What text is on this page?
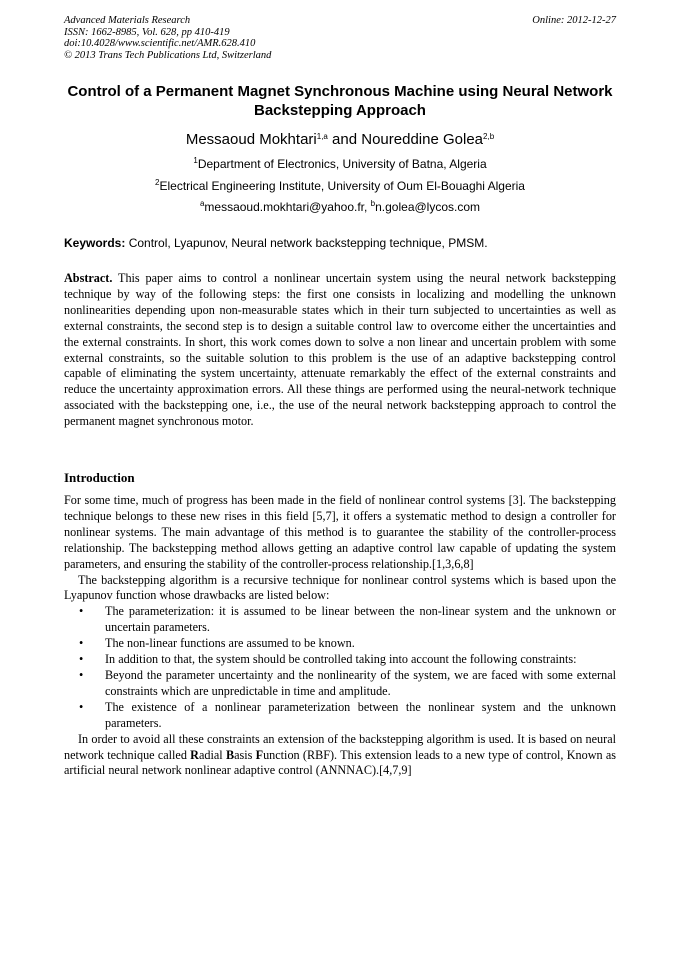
Advanced Materials Research
ISSN: 1662-8985, Vol. 628, pp 410-419
doi:10.4028/www.scientific.net/AMR.628.410
© 2013 Trans Tech Publications Ltd, Switzerland
Online: 2012-12-27
Control of a Permanent Magnet Synchronous Machine using Neural Network Backstepping Approach
Messaoud Mokhtari$^{1,a}$ and Noureddine Golea$^{2,b}$
$^1$Department of Electronics, University of Batna, Algeria
$^2$Electrical Engineering Institute, University of Oum El-Bouaghi Algeria
$^a$messaoud.mokhtari@yahoo.fr, $^b$n.golea@lycos.com
Keywords: Control, Lyapunov, Neural network backstepping technique, PMSM.
Abstract. This paper aims to control a nonlinear uncertain system using the neural network backstepping technique by way of the following steps: the first one consists in localizing and modelling the unknown nonlinearities depending upon non-measurable states which in their turn subjected to uncertainties as well as external constraints, the second step is to design a suitable control law to overcome either the uncertainties and the external constraints. In short, this work comes down to solve a non linear and uncertain problem with some external constraints, so the suitable solution to this problem is the use of an adaptive backstepping control capable of eliminating the system uncertainty, attenuate remarkably the effect of the external constraints and reduce the uncertainty approximation errors. All these things are performed using the neural-network technique associated with the backstepping one, i.e., the use of the neural network backstepping approach to control the permanent magnet synchronous motor.
Introduction

For some time, much of progress has been made in the field of nonlinear control systems [3]. The backstepping technique belongs to these new rises in this field [5,7], it offers a systematic method to design a controller for nonlinear systems. The main advantage of this method is to guarantee the stability of the controller-process relationship. The backstepping method allows getting an adaptive control law capable of updating the system parameters, and ensuring the stability of the controller-process relationship.[1,3,6,8]

The backstepping algorithm is a recursive technique for nonlinear control systems which is based upon the Lyapunov function whose drawbacks are listed below:

• The parameterization: it is assumed to be linear between the non-linear system and the unknown or uncertain parameters.
• The non-linear functions are assumed to be known.
• In addition to that, the system should be controlled taking into account the following constraints:
• Beyond the parameter uncertainty and the nonlinearity of the system, we are faced with some external constraints which are unpredictable in time and amplitude.
• The existence of a nonlinear parameterization between the nonlinear system and the unknown parameters.

In order to avoid all these constraints an extension of the backstepping algorithm is used. It is based on neural network technique called Radial Basis Function (RBF). This extension leads to a new type of control, Known as artificial neural network nonlinear adaptive control (ANNNAC).[4,7,9]
